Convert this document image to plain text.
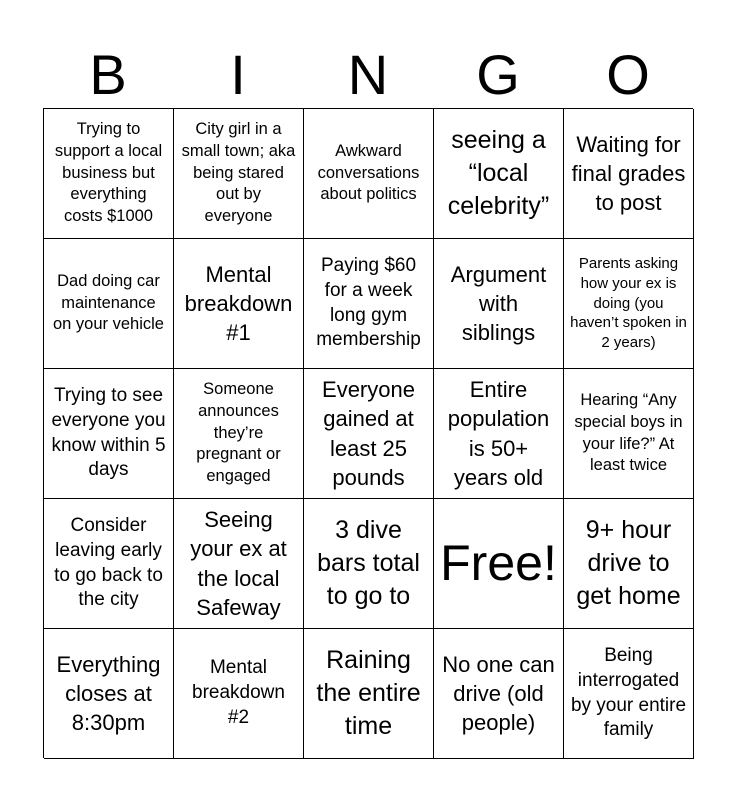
B	I	N	G	O
Trying to support a local business but everything costs $1000
City girl in a small town; aka being stared out by everyone
Awkward conversations about politics
seeing a “local celebrity”
Waiting for final grades to post
Dad doing car maintenance on your vehicle
Mental breakdown #1
Paying $60 for a week long gym membership
Argument with siblings
Parents asking how your ex is doing (you haven’t spoken in 2 years)
Trying to see everyone you know within 5 days
Someone announces they’re pregnant or engaged
Everyone gained at least 25 pounds
Entire population is 50+ years old
Hearing “Any special boys in your life?” At least twice
Consider leaving early to go back to the city
Seeing your ex at the local Safeway
3 dive bars total to go to
Free!
9+ hour drive to get home
Everything closes at 8:30pm
Mental breakdown #2
Raining the entire time
No one can drive (old people)
Being interrogated by your entire family
